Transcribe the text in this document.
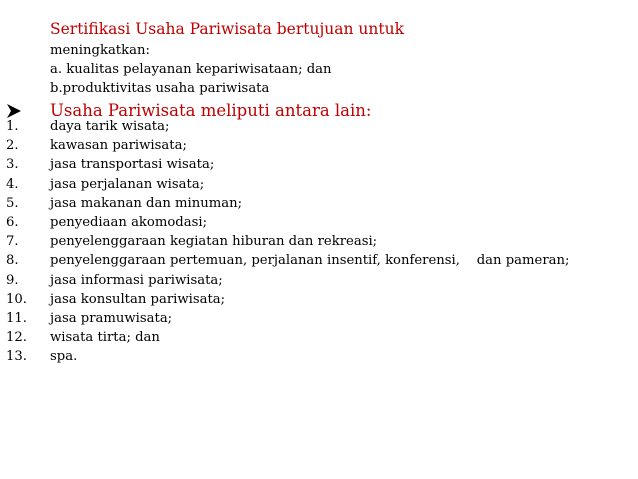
Sertifikasi Usaha Pariwisata bertujuan untuk
meningkatkan:
a. kualitas pelayanan kepariwisataan; dan
b.produktivitas usaha pariwisata
Usaha Pariwisata meliputi antara lain:
1. daya tarik wisata;
2. kawasan pariwisata;
3. jasa transportasi wisata;
4. jasa perjalanan wisata;
5. jasa makanan dan minuman;
6. penyediaan akomodasi;
7. penyelenggaraan kegiatan hiburan dan rekreasi;
8. penyelenggaraan pertemuan, perjalanan insentif, konferensi,    dan pameran;
9. jasa informasi pariwisata;
10. jasa konsultan pariwisata;
11. jasa pramuwisata;
12. wisata tirta; dan
13. spa.
